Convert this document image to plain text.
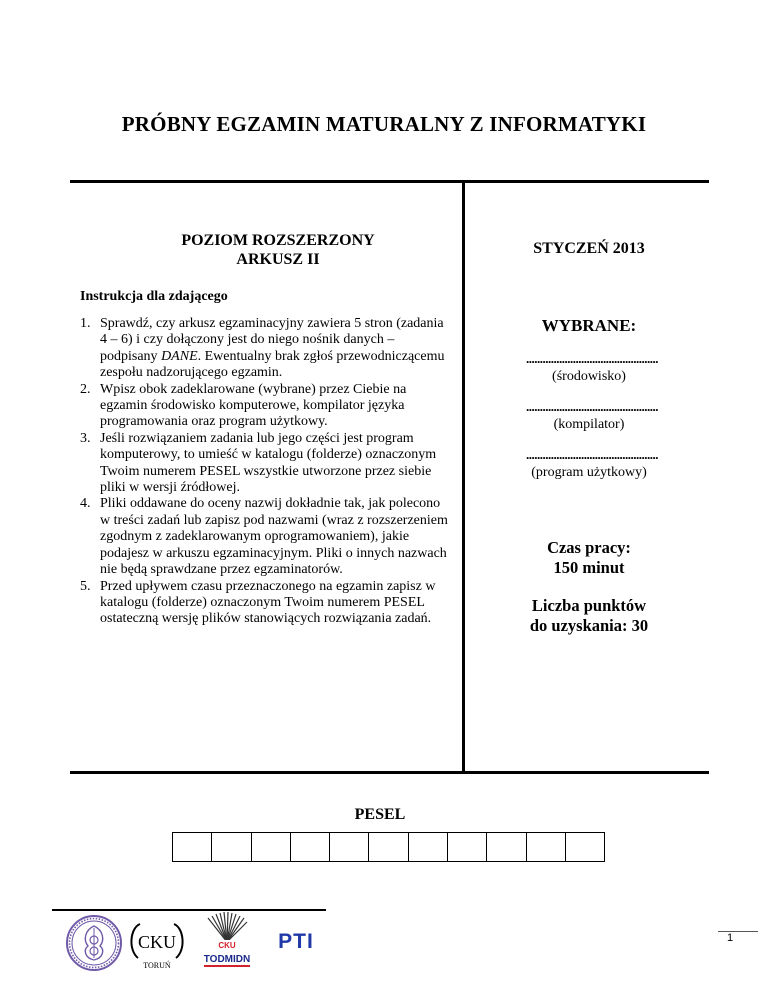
PRÓBNY EGZAMIN MATURALNY Z INFORMATYKI
POZIOM ROZSZERZONY
ARKUSZ II
STYCZEŃ 2013
Instrukcja dla zdającego
1. Sprawdź, czy arkusz egzaminacyjny zawiera 5 stron (zadania 4 – 6) i czy dołączony jest do niego nośnik danych – podpisany DANE. Ewentualny brak zgłoś przewodniczącemu zespołu nadzorującego egzamin.
2. Wpisz obok zadeklarowane (wybrane) przez Ciebie na egzamin środowisko komputerowe, kompilator języka programowania oraz program użytkowy.
3. Jeśli rozwiązaniem zadania lub jego części jest program komputerowy, to umieść w katalogu (folderze) oznaczonym Twoim numerem PESEL wszystkie utworzone przez siebie pliki w wersji źródłowej.
4. Pliki oddawane do oceny nazwij dokładnie tak, jak polecono w treści zadań lub zapisz pod nazwami (wraz z rozszerzeniem zgodnym z zadeklarowanym oprogramowaniem), jakie podajesz w arkuszu egzaminacyjnym. Pliki o innych nazwach nie będą sprawdzane przez egzaminatorów.
5. Przed upływem czasu przeznaczonego na egzamin zapisz w katalogu (folderze) oznaczonym Twoim numerem PESEL ostateczną wersję plików stanowiących rozwiązania zadań.
WYBRANE:
................................................
(środowisko)
................................................
(kompilator)
................................................
(program użytkowy)
Czas pracy:
150 minut
Liczba punktów
do uzyskania: 30
PESEL
CKU
TORUŃ
CKU
TODMIDN
PTI	1
